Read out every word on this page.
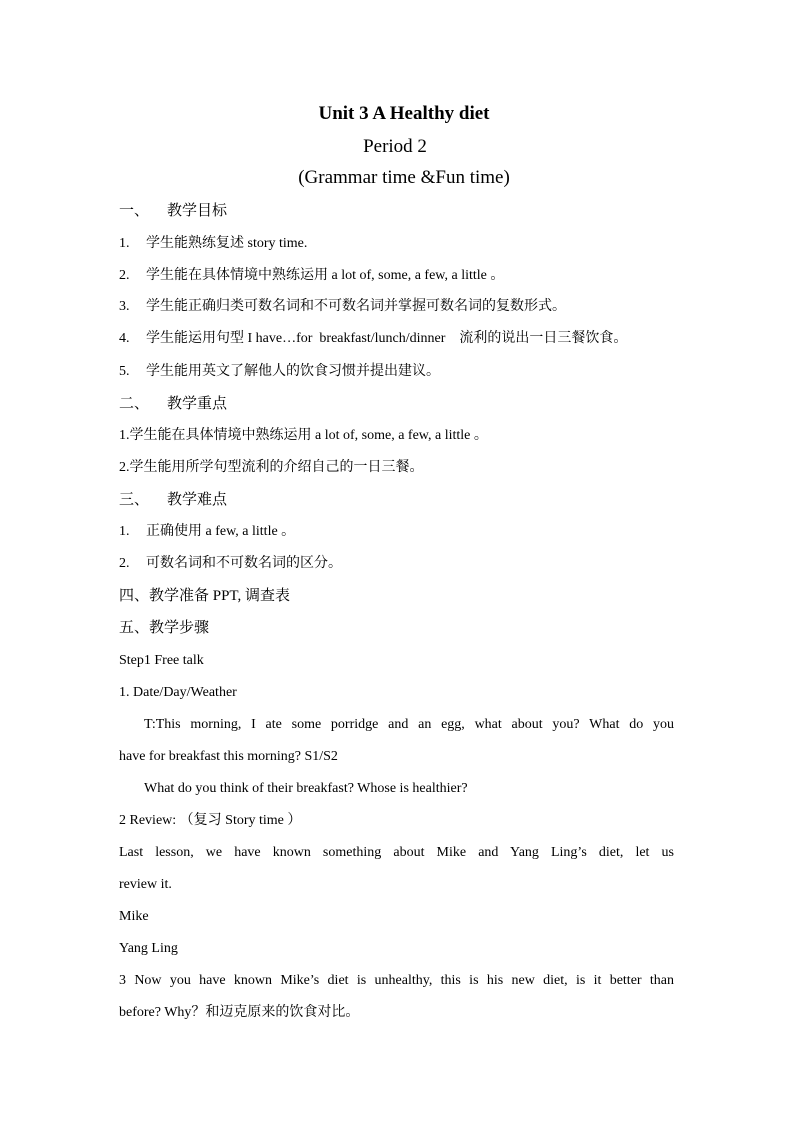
Unit 3 A Healthy diet
Period 2
(Grammar time &Fun time)
一、 教学目标
1. 学生能熟练复述 story time.
2. 学生能在具体情境中熟练运用 a lot of, some, a few, a little 。
3. 学生能正确归类可数名词和不可数名词并掌握可数名词的复数形式。
4. 学生能运用句型 I have…for  breakfast/lunch/dinner    流利的说出一日三餐饮食。
5. 学生能用英文了解他人的饮食习惯并提出建议。
二、 教学重点
1.学生能在具体情境中熟练运用 a lot of, some, a few, a little 。
2.学生能用所学句型流利的介绍自己的一日三餐。
三、 教学难点
1. 正确使用 a few, a little 。
2. 可数名词和不可数名词的区分。
四、教学准备 PPT, 调查表
五、教学步骤
Step1 Free talk
1. Date/Day/Weather
T:This morning, I ate some porridge and an egg, what about you? What do you
have for breakfast this morning? S1/S2
What do you think of their breakfast? Whose is healthier?
2 Review: （复习 Story time ）
Last lesson, we have known something about Mike and Yang Ling’s diet, let us
review it.
Mike
Yang Ling
3 Now you have known Mike’s diet is unhealthy, this is his new diet, is it better than
before? Why？和迈克原来的饮食对比。
